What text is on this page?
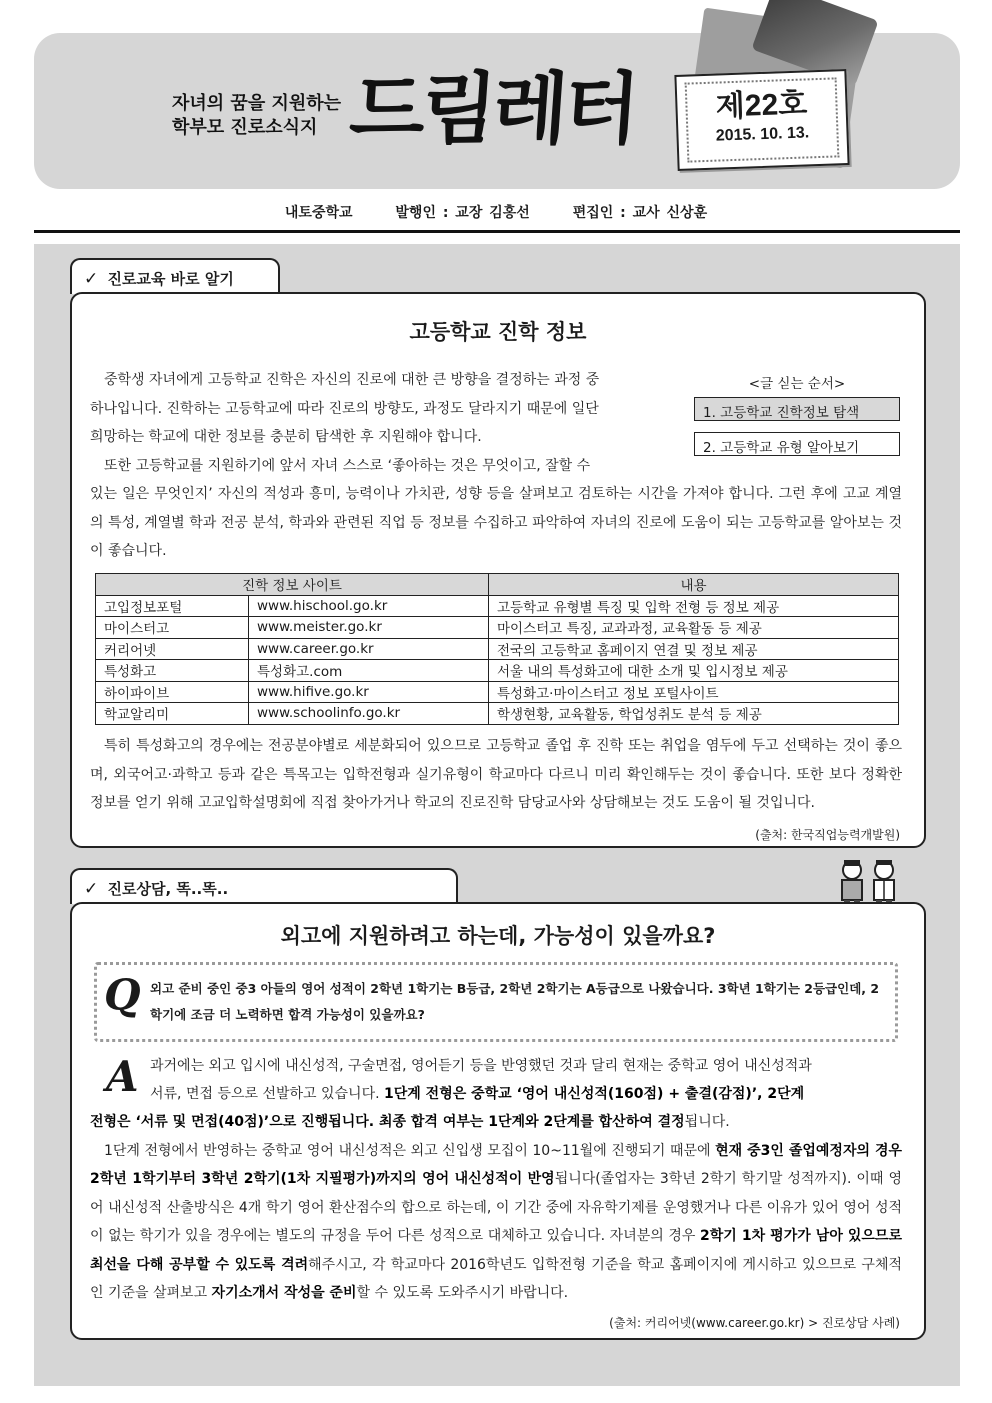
자녀의 꿈을 지원하는
학부모 진로소식지 드림레터	제22호
2015. 10. 13.
내토중학교	발행인 : 교장 김홍선	편집인 : 교사 신상훈
✓ 진로교육 바로 알기
고등학교 진학 정보

중학생 자녀에게 고등학교 진학은 자신의 진로에 대한 큰 방향을 결정하는 과정 중

하나입니다. 진학하는 고등학교에 따라 진로의 방향도, 과정도 달라지기 때문에 일단

희망하는 학교에 대한 정보를 충분히 탐색한 후 지원해야 합니다.

또한 고등학교를 지원하기에 앞서 자녀 스스로 ‘좋아하는 것은 무엇이고, 잘할 수

<글 싣는 순서>
1. 고등학교 진학정보 탐색
2. 고등학교 유형 알아보기

있는 일은 무엇인지’ 자신의 적성과 흥미, 능력이나 가치관, 성향 등을 살펴보고 검토하는 시간을 가져야 합니다. 그런 후에 고교 계열의 특성, 계열별 학과 전공 분석, 학과와 관련된 직업 등 정보를 수집하고 파악하여 자녀의 진로에 도움이 되는 고등학교를 알아보는 것이 좋습니다.

진학 정보 사이트		내용
고입정보포털	www.hischool.go.kr	고등학교 유형별 특징 및 입학 전형 등 정보 제공
마이스터고	www.meister.go.kr	마이스터고 특징, 교과과정, 교육활동 등 제공
커리어넷	www.career.go.kr	전국의 고등학교 홈페이지 연결 및 정보 제공
특성화고	특성화고.com	서울 내의 특성화고에 대한 소개 및 입시정보 제공
하이파이브	www.hifive.go.kr	특성화고·마이스터고 정보 포털사이트
학교알리미	www.schoolinfo.go.kr	학생현황, 교육활동, 학업성취도 분석 등 제공

특히 특성화고의 경우에는 전공분야별로 세분화되어 있으므로 고등학교 졸업 후 진학 또는 취업을 염두에 두고 선택하는 것이 좋으며, 외국어고·과학고 등과 같은 특목고는 입학전형과 실기유형이 학교마다 다르니 미리 확인해두는 것이 좋습니다. 또한 보다 정확한 정보를 얻기 위해 고교입학설명회에 직접 찾아가거나 학교의 진로진학 담당교사와 상담해보는 것도 도움이 될 것입니다.

(출처: 한국직업능력개발원)
✓ 진로상담, 똑..똑..
외고에 지원하려고 하는데, 가능성이 있을까요?
Q 외고 준비 중인 중3 아들의 영어 성적이 2학년 1학기는 B등급, 2학년 2학기는 A등급으로 나왔습니다. 3학년 1학기는 2등급인데, 2학기에 조금 더 노력하면 합격 가능성이 있을까요?
A 과거에는 외고 입시에 내신성적, 구술면접, 영어듣기 등을 반영했던 것과 달리 현재는 중학교 영어 내신성적과

서류, 면접 등으로 선발하고 있습니다. 1단계 전형은 중학교 ‘영어 내신성적(160점) + 출결(감점)’, 2단계

전형은 ‘서류 및 면접(40점)’으로 진행됩니다. 최종 합격 여부는 1단계와 2단계를 합산하여 결정됩니다.

1단계 전형에서 반영하는 중학교 영어 내신성적은 외고 신입생 모집이 10~11월에 진행되기 때문에 현재 중3인 졸업예정자의 경우 2학년 1학기부터 3학년 2학기(1차 지필평가)까지의 영어 내신성적이 반영됩니다(졸업자는 3학년 2학기 학기말 성적까지). 이때 영어 내신성적 산출방식은 4개 학기 영어 환산점수의 합으로 하는데, 이 기간 중에 자유학기제를 운영했거나 다른 이유가 있어 영어 성적이 없는 학기가 있을 경우에는 별도의 규정을 두어 다른 성적으로 대체하고 있습니다. 자녀분의 경우 2학기 1차 평가가 남아 있으므로 최선을 다해 공부할 수 있도록 격려해주시고, 각 학교마다 2016학년도 입학전형 기준을 학교 홈페이지에 게시하고 있으므로 구체적인 기준을 살펴보고 자기소개서 작성을 준비할 수 있도록 도와주시기 바랍니다.

(출처: 커리어넷(www.career.go.kr) > 진로상담 사례)
